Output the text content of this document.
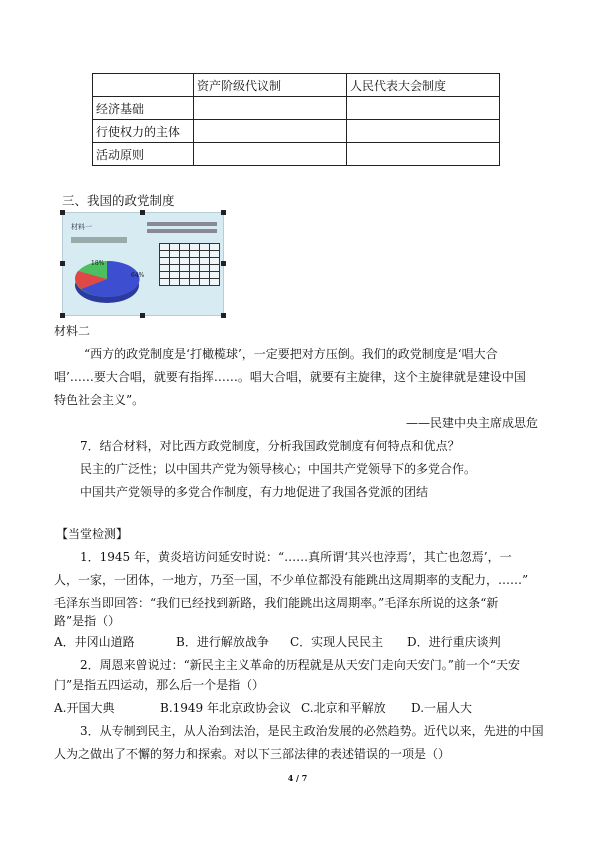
	资产阶级代议制	人民代表大会制度
经济基础		
行使权力的主体		
活动原则		
三、我国的政党制度
材料一
64%
18%

材料二
“西方的政党制度是‘打橄榄球’，一定要把对方压倒。我们的政党制度是‘唱大合
唱’……要大合唱，就要有指挥……。唱大合唱，就要有主旋律，这个主旋律就是建设中国
特色社会主义”。
——民建中央主席成思危
7．结合材料，对比西方政党制度，分析我国政党制度有何特点和优点？
民主的广泛性；以中国共产党为领导核心；中国共产党领导下的多党合作。
中国共产党领导的多党合作制度，有力地促进了我国各党派的团结
【当堂检测】
1．1945 年，黄炎培访问延安时说：“……真所谓‘其兴也浡焉’，其亡也忽焉’，一
人，一家，一团体，一地方，乃至一国，不少单位都没有能跳出这周期率的支配力，……”
毛泽东当即回答：“我们已经找到新路，我们能跳出这周期率。”毛泽东所说的这条“新
路”是指（）
A．井冈山道路	B．进行解放战争 C．实现人民民主 D．进行重庆谈判
2．周恩来曾说过：“新民主主义革命的历程就是从天安门走向天安门。”前一个“天安
门”是指五四运动，那么后一个是指（）
A.开国大典	B.1949 年北京政协会议 C.北京和平解放 D.一届人大
3．从专制到民主，从人治到法治，是民主政治发展的必然趋势。近代以来，先进的中国
人为之做出了不懈的努力和探索。对以下三部法律的表述错误的一项是（）
4 / 7
